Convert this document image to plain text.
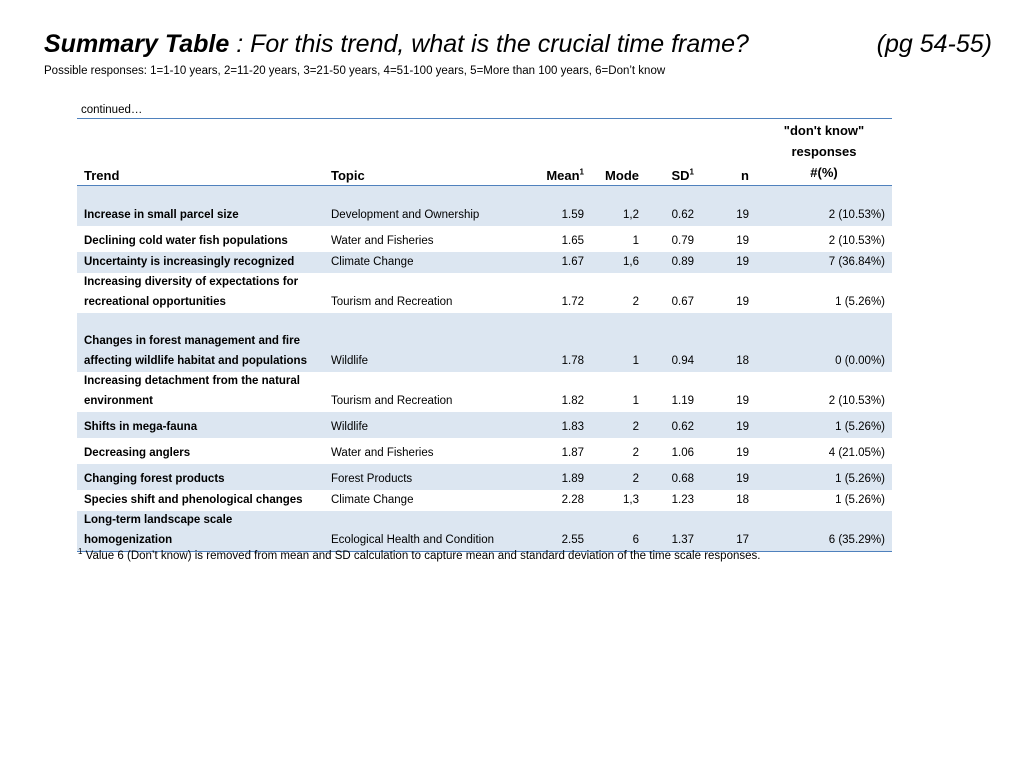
Summary Table : For this trend, what is the crucial time frame?	(pg 54-55)
Possible responses: 1=1-10 years, 2=11-20 years, 3=21-50 years, 4=51-100 years, 5=More than 100 years, 6=Don’t know
continued…
Trend	Topic	Mean$^1$	Mode	$SD^1$	n	"don't know"
responses
#(%)

Increase in small parcel size	Development and Ownership	1.59	1,2	0.62	19	2 (10.53%)
Declining cold water fish populations	Water and Fisheries	1.65	1	0.79	19	2 (10.53%)
Uncertainty is increasingly recognized	Climate Change	1.67	1,6	0.89	19	7 (36.84%)
Increasing diversity of expectations for recreational opportunities	Tourism and Recreation	1.72	2	0.67	19	1 (5.26%)
Changes in forest management and fire affecting wildlife habitat and populations	Wildlife	1.78	1	0.94	18	0 (0.00%)
Increasing detachment from the natural environment	Tourism and Recreation	1.82	1	1.19	19	2 (10.53%)
Shifts in mega-fauna	Wildlife	1.83	2	0.62	19	1 (5.26%)
Decreasing anglers	Water and Fisheries	1.87	2	1.06	19	4 (21.05%)
Changing forest products	Forest Products	1.89	2	0.68	19	1 (5.26%)
Species shift and phenological changes	Climate Change	2.28	1,3	1.23	18	1 (5.26%)
Long-term landscape scale homogenization	Ecological Health and Condition	2.55	6	1.37	17	6 (35.29%)
$^1$ Value 6 (Don’t know) is removed from mean and SD calculation to capture mean and standard deviation of the time scale responses.
